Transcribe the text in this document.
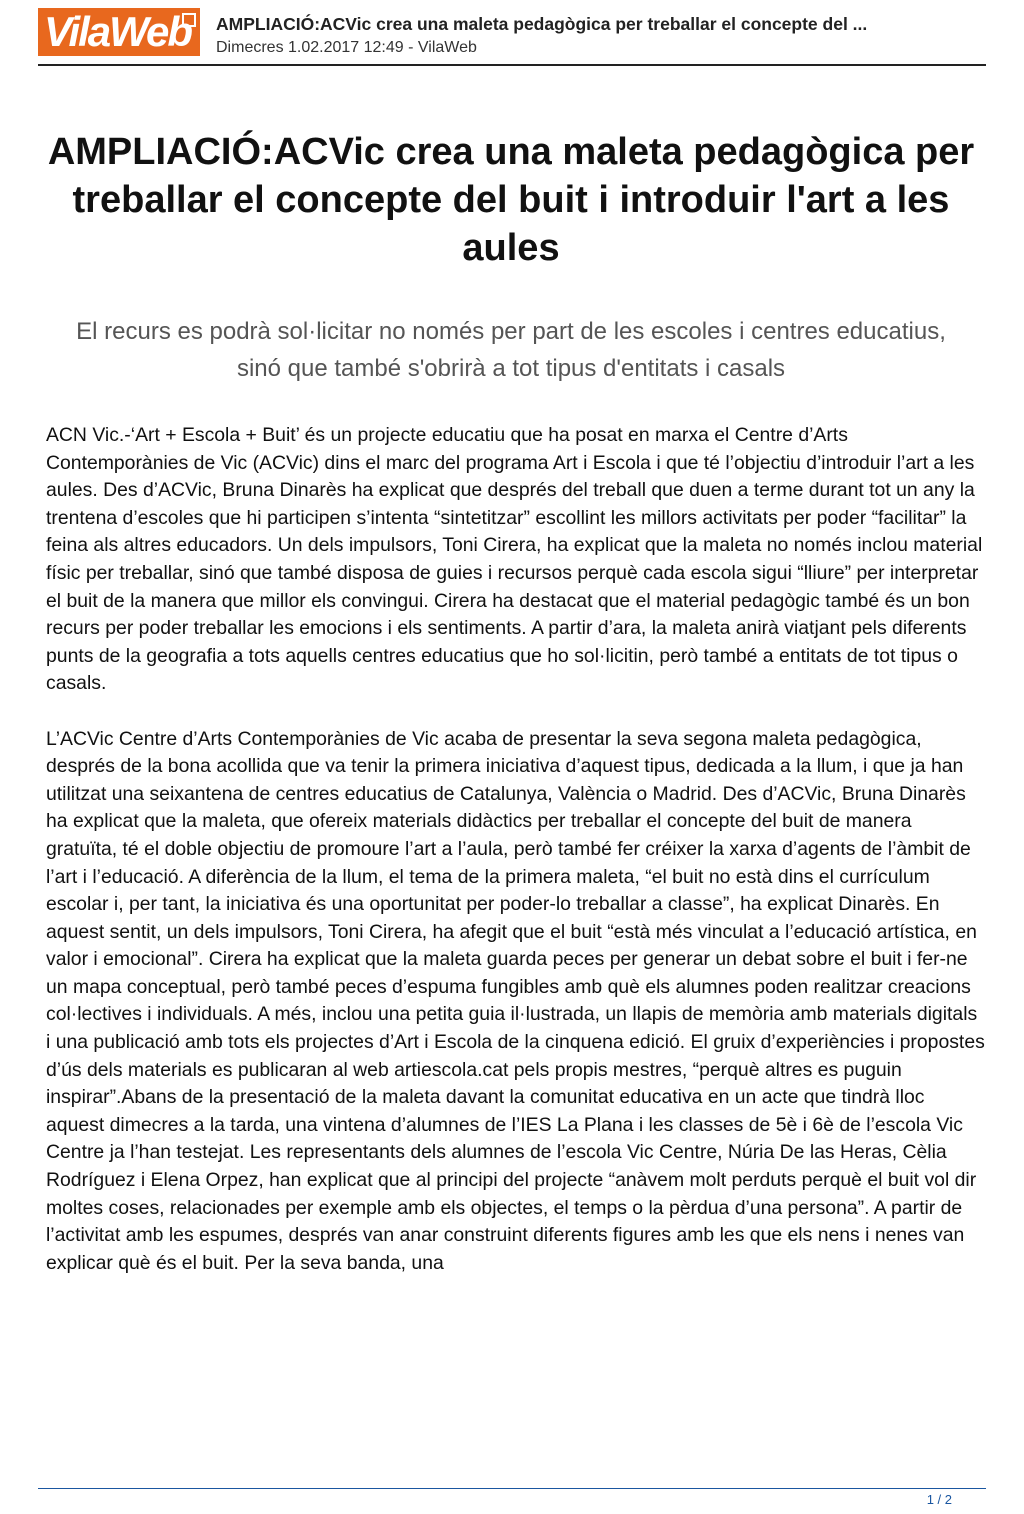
VilaWeb AMPLIACIÓ:ACVic crea una maleta pedagògica per treballar el concepte del ...
Dimecres 1.02.2017 12:49 - VilaWeb
AMPLIACIÓ:ACVic crea una maleta pedagògica per treballar el concepte del buit i introduir l'art a les aules

El recurs es podrà sol·licitar no només per part de les escoles i centres educatius, sinó que també s'obrirà a tot tipus d'entitats i casals

ACN Vic.-‘Art + Escola + Buit’ és un projecte educatiu que ha posat en marxa el Centre d’Arts Contemporànies de Vic (ACVic) dins el marc del programa Art i Escola i que té l’objectiu d’introduir l’art a les aules. Des d’ACVic, Bruna Dinarès ha explicat que després del treball que duen a terme durant tot un any la trentena d’escoles que hi participen s’intenta “sintetitzar” escollint les millors activitats per poder “facilitar” la feina als altres educadors. Un dels impulsors, Toni Cirera, ha explicat que la maleta no només inclou material físic per treballar, sinó que també disposa de guies i recursos perquè cada escola sigui “lliure” per interpretar el buit de la manera que millor els convingui. Cirera ha destacat que el material pedagògic també és un bon recurs per poder treballar les emocions i els sentiments. A partir d’ara, la maleta anirà viatjant pels diferents punts de la geografia a tots aquells centres educatius que ho sol·licitin, però també a entitats de tot tipus o casals.

L’ACVic Centre d’Arts Contemporànies de Vic acaba de presentar la seva segona maleta pedagògica, després de la bona acollida que va tenir la primera iniciativa d’aquest tipus, dedicada a la llum, i que ja han utilitzat una seixantena de centres educatius de Catalunya, València o Madrid. Des d’ACVic, Bruna Dinarès ha explicat que la maleta, que ofereix materials didàctics per treballar el concepte del buit de manera gratuïta, té el doble objectiu de promoure l’art a l’aula, però també fer créixer la xarxa d’agents de l’àmbit de l’art i l’educació. A diferència de la llum, el tema de la primera maleta, “el buit no està dins el currículum escolar i, per tant, la iniciativa és una oportunitat per poder-lo treballar a classe”, ha explicat Dinarès. En aquest sentit, un dels impulsors, Toni Cirera, ha afegit que el buit “està més vinculat a l’educació artística, en valor i emocional”. Cirera ha explicat que la maleta guarda peces per generar un debat sobre el buit i fer-ne un mapa conceptual, però també peces d’espuma fungibles amb què els alumnes poden realitzar creacions col·lectives i individuals. A més, inclou una petita guia il·lustrada, un llapis de memòria amb materials digitals i una publicació amb tots els projectes d’Art i Escola de la cinquena edició. El gruix d’experiències i propostes d’ús dels materials es publicaran al web artiescola.cat pels propis mestres, “perquè altres es puguin inspirar”.Abans de la presentació de la maleta davant la comunitat educativa en un acte que tindrà lloc aquest dimecres a la tarda, una vintena d’alumnes de l’IES La Plana i les classes de 5è i 6è de l’escola Vic Centre ja l’han testejat. Les representants dels alumnes de l’escola Vic Centre, Núria De las Heras, Cèlia Rodríguez i Elena Orpez, han explicat que al principi del projecte “anàvem molt perduts perquè el buit vol dir moltes coses, relacionades per exemple amb els objectes, el temps o la pèrdua d’una persona”. A partir de l’activitat amb les espumes, després van anar construint diferents figures amb les que els nens i nenes van explicar què és el buit. Per la seva banda, una

1 / 2
